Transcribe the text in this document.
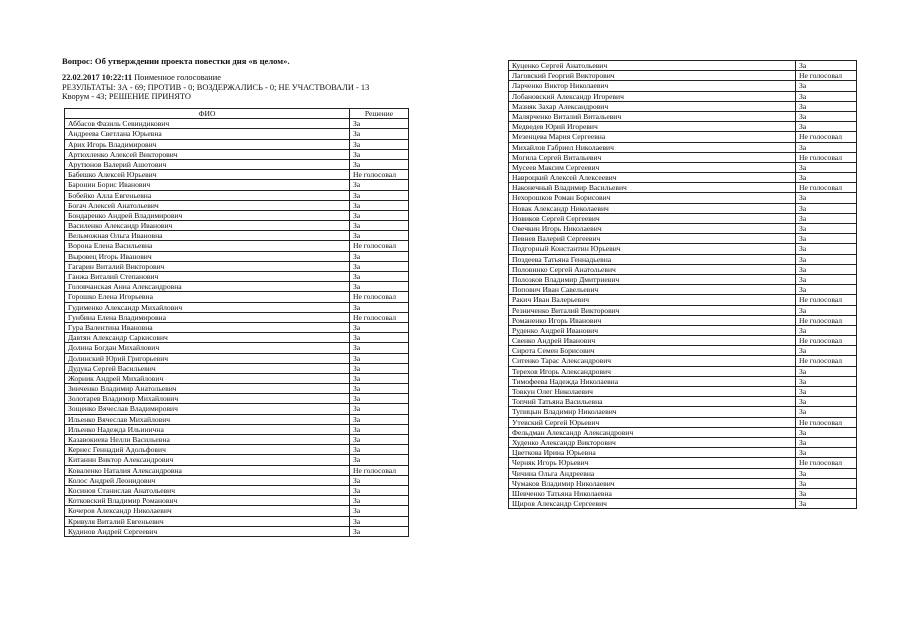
Вопрос: Об утверждении проекта повестки дня «в целом».

22.02.2017 10:22:11 Поименное голосование
РЕЗУЛЬТАТЫ: ЗА - 69; ПРОТИВ - 0; ВОЗДЕРЖАЛИСЬ - 0; НЕ УЧАСТВОВАЛИ - 13
Кворум - 43; РЕШЕНИЕ ПРИНЯТО
ФИО	Решение
Аббасов Фазиль Севиндикович	За
Андреева Светлана Юрьевна	За
Арих Игорь Владимирович	За
Артюхленко Алексей Викторович	За
Арутюнов Валерий Ашотович	За
Бабешко Алексей Юрьевич	Не голосовал
Баронин Борис Иванович	За
Бобейко Алла Евгеньевна	За
Богач Алексей Анатольевич	За
Бондаренко Андрей Владимирович	За
Василенко Александр Иванович	За
Вельможная Ольга Ивановна	За
Ворона Елена Васильевна	Не голосовал
Выровец Игорь Иванович	За
Гагарин Виталий Викторович	За
Ганжа Виталий Степанович	За
Головчанская Анна Александровна	За
Горошко Елена Игорьевна	Не голосовал
Гудименко Александр Михайлович	За
Гунбина Елена Владимировна	Не голосовал
Гура Валентина Ивановна	За
Давтян Александр Саркисович	За
Долина Богдан Михайлович	За
Долинский Юрий Григорьевич	За
Дудука Сергей Васильевич	За
Жорник Андрей Михайлович	За
Зинченко Владимир Анатольевич	За
Золотарев Владимир Михайлович	За
Зощенко Вячеслав Владимирович	За
Ильенко Вячеслав Михайлович	За
Ильенко Надежда Ильинична	За
Казавокиева Нелли Васильевна	За
Кернес Геннадий Адольфович	За
Китанин Виктор Александрович	За
Коваленко Наталия Александровна	Не голосовал
Колос Андрей Леонидович	За
Косинов Станислав Анатольевич	За
Котковский Владимир Романович	За
Кочеров Александр Николаевич	За
Кривуля Виталий Евгеньевич	За
Кудинов Андрей Сергеевич	За
Куценко Сергей Анатольевич	За
Лаговский Георгий Викторович	Не голосовал
Ларченко Виктор Николаевич	За
Лобановский Александр Игоревич	За
Мазняк Захар Александрович	За
Малярченко Виталий Витальевич	За
Медведев Юрий Игоревич	За
Мезенцева Мария Сергеевна	Не голосовал
Михайлов Габриел Николаевич	За
Могила Сергей Витальевич	Не голосовал
Мусеев Максим Сергеевич	За
Навроцкий Алексей Алексеевич	За
Наконечный Владимир Васильевич	Не голосовал
Нехорошков Роман Борисович	За
Новак Александр Николаевич	За
Новиков Сергей Сергеевич	За
Овечкин Игорь Николаевич	За
Певнев Валерий Сергеевич	За
Подгорный Константин Юрьевич	За
Поздеева Татьяна Геннадьевна	За
Половинко Сергей Анатольевич	За
Полозков Владимир Дмитриевич	За
Попович Иван Савельевич	За
Ракич Иван Валерьевич	Не голосовал
Резниченко Виталий Викторович	За
Романенко Игорь Иванович	Не голосовал
Руденко Андрей Иванович	За
Свенко Андрей Иванович	Не голосовал
Сирота Семен Борисович	За
Ситенко Тарас Александрович	Не голосовал
Терехов Игорь Александрович	За
Тимофеева Надежда Николаевна	За
Товкун Олег Николаевич	За
Топчий Татьяна Васильевна	За
Тупицын Владимир Николаевич	За
Утевский Сергей Юрьевич	Не голосовал
Фельдман Александр Александрович	За
Худенко Александр Викторович	За
Цветкова Ирина Юрьевна	За
Черняк Игорь Юрьевич	Не голосовал
Чичина Ольга Андреевна	За
Чумаков Владимир Николаевич	За
Шевченко Татьяна Николаевна	За
Щиров Александр Сергеевич	За
